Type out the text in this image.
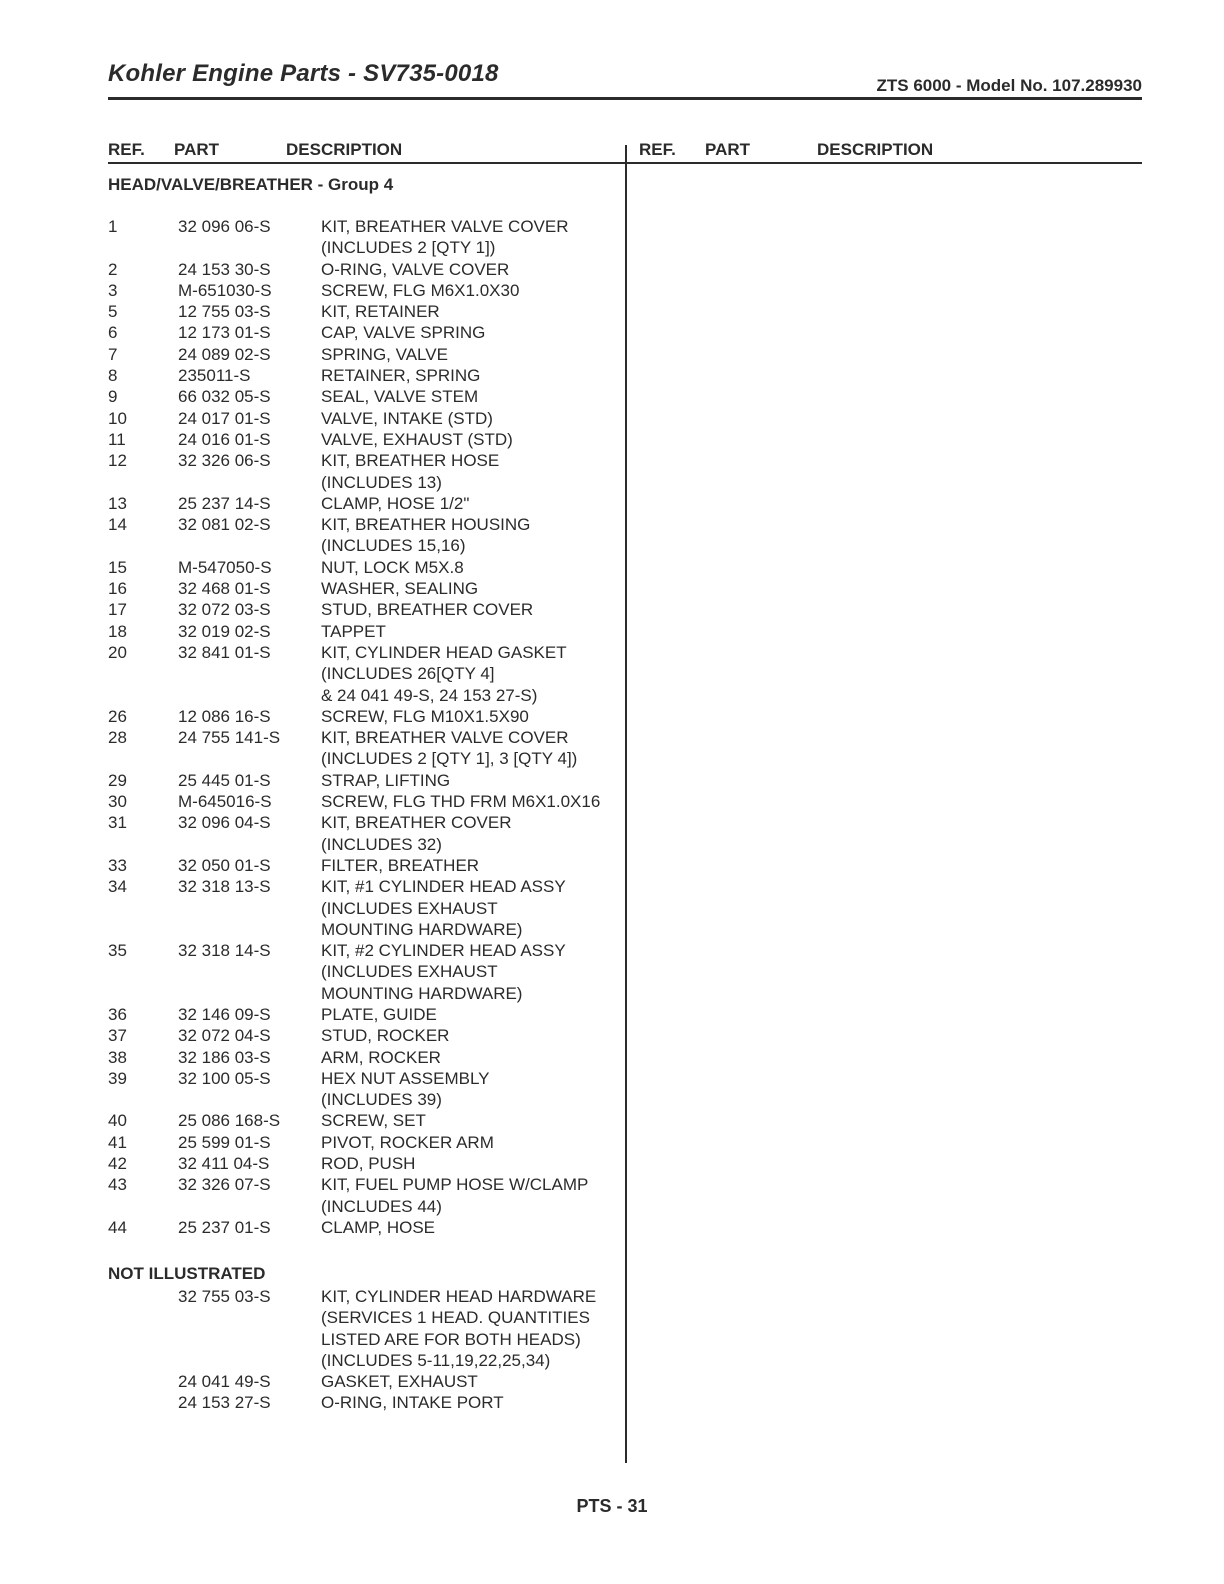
Kohler Engine Parts - SV735-0018	ZTS 6000 - Model No. 107.289930
REF. PART	DESCRIPTION	REF. PART	DESCRIPTION
HEAD/VALVE/BREATHER - Group 4
1	32 096 06-S	KIT, BREATHER VALVE COVER
(INCLUDES 2 [QTY 1])
2	24 153 30-S	O-RING, VALVE COVER
3	M-651030-S	SCREW, FLG M6X1.0X30
5	12 755 03-S	KIT, RETAINER
6	12 173 01-S	CAP, VALVE SPRING
7	24 089 02-S	SPRING, VALVE
8	235011-S	RETAINER, SPRING
9	66 032 05-S	SEAL, VALVE STEM
10	24 017 01-S	VALVE, INTAKE (STD)
11	24 016 01-S	VALVE, EXHAUST (STD)
12	32 326 06-S	KIT, BREATHER HOSE
(INCLUDES 13)
13	25 237 14-S	CLAMP, HOSE 1/2"
14	32 081 02-S	KIT, BREATHER HOUSING
(INCLUDES 15,16)
15	M-547050-S	NUT, LOCK M5X.8
16	32 468 01-S	WASHER, SEALING
17	32 072 03-S	STUD, BREATHER COVER
18	32 019 02-S	TAPPET
20	32 841 01-S	KIT, CYLINDER HEAD GASKET
(INCLUDES 26[QTY 4]
& 24 041 49-S, 24 153 27-S)
26	12 086 16-S	SCREW, FLG M10X1.5X90
28	24 755 141-S KIT, BREATHER VALVE COVER
(INCLUDES 2 [QTY 1], 3 [QTY 4])
29	25 445 01-S	STRAP, LIFTING
30	M-645016-S	SCREW, FLG THD FRM M6X1.0X16
31	32 096 04-S	KIT, BREATHER COVER
(INCLUDES 32)
33	32 050 01-S	FILTER, BREATHER
34	32 318 13-S	KIT, #1 CYLINDER HEAD ASSY
(INCLUDES EXHAUST
MOUNTING HARDWARE)
35	32 318 14-S	KIT, #2 CYLINDER HEAD ASSY
(INCLUDES EXHAUST
MOUNTING HARDWARE)
36	32 146 09-S	PLATE, GUIDE
37	32 072 04-S	STUD, ROCKER
38	32 186 03-S	ARM, ROCKER
39	32 100 05-S	HEX NUT ASSEMBLY
(INCLUDES 39)
40	25 086 168-S SCREW, SET
41	25 599 01-S	PIVOT, ROCKER ARM
42	32 411 04-S	ROD, PUSH
43	32 326 07-S	KIT, FUEL PUMP HOSE W/CLAMP
(INCLUDES 44)
44	25 237 01-S	CLAMP, HOSE
NOT ILLUSTRATED
32 755 03-S	KIT, CYLINDER HEAD HARDWARE
(SERVICES 1 HEAD. QUANTITIES
LISTED ARE FOR BOTH HEADS)
(INCLUDES 5-11,19,22,25,34)
24 041 49-S	GASKET, EXHAUST
24 153 27-S	O-RING, INTAKE PORT
PTS - 31
